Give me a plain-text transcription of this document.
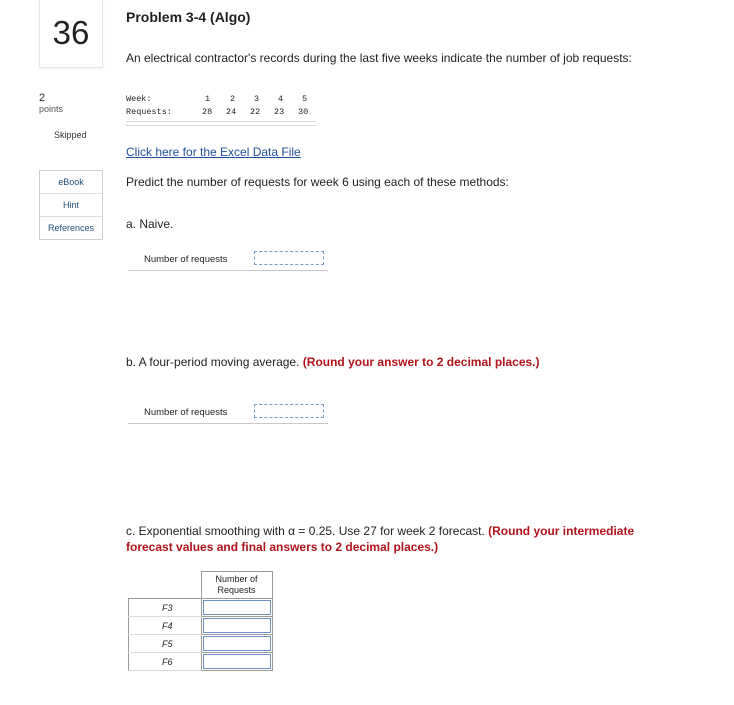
36
2
points
Skipped
eBook
Hint
References
Problem 3-4 (Algo)
An electrical contractor's records during the last five weeks indicate the number of job requests:
Week:	1 2 3 4 5
Requests:	28 24 22 23 30
Click here for the Excel Data File
Predict the number of requests for week 6 using each of these methods:
a. Naive.
Number of requests
b. A four-period moving average. (Round your answer to 2 decimal places.)
Number of requests
c. Exponential smoothing with α = 0.25. Use 27 for week 2 forecast. (Round your intermediate forecast values and final answers to 2 decimal places.)
	Number of Requests
F3	

F4	

F5	

F6	
